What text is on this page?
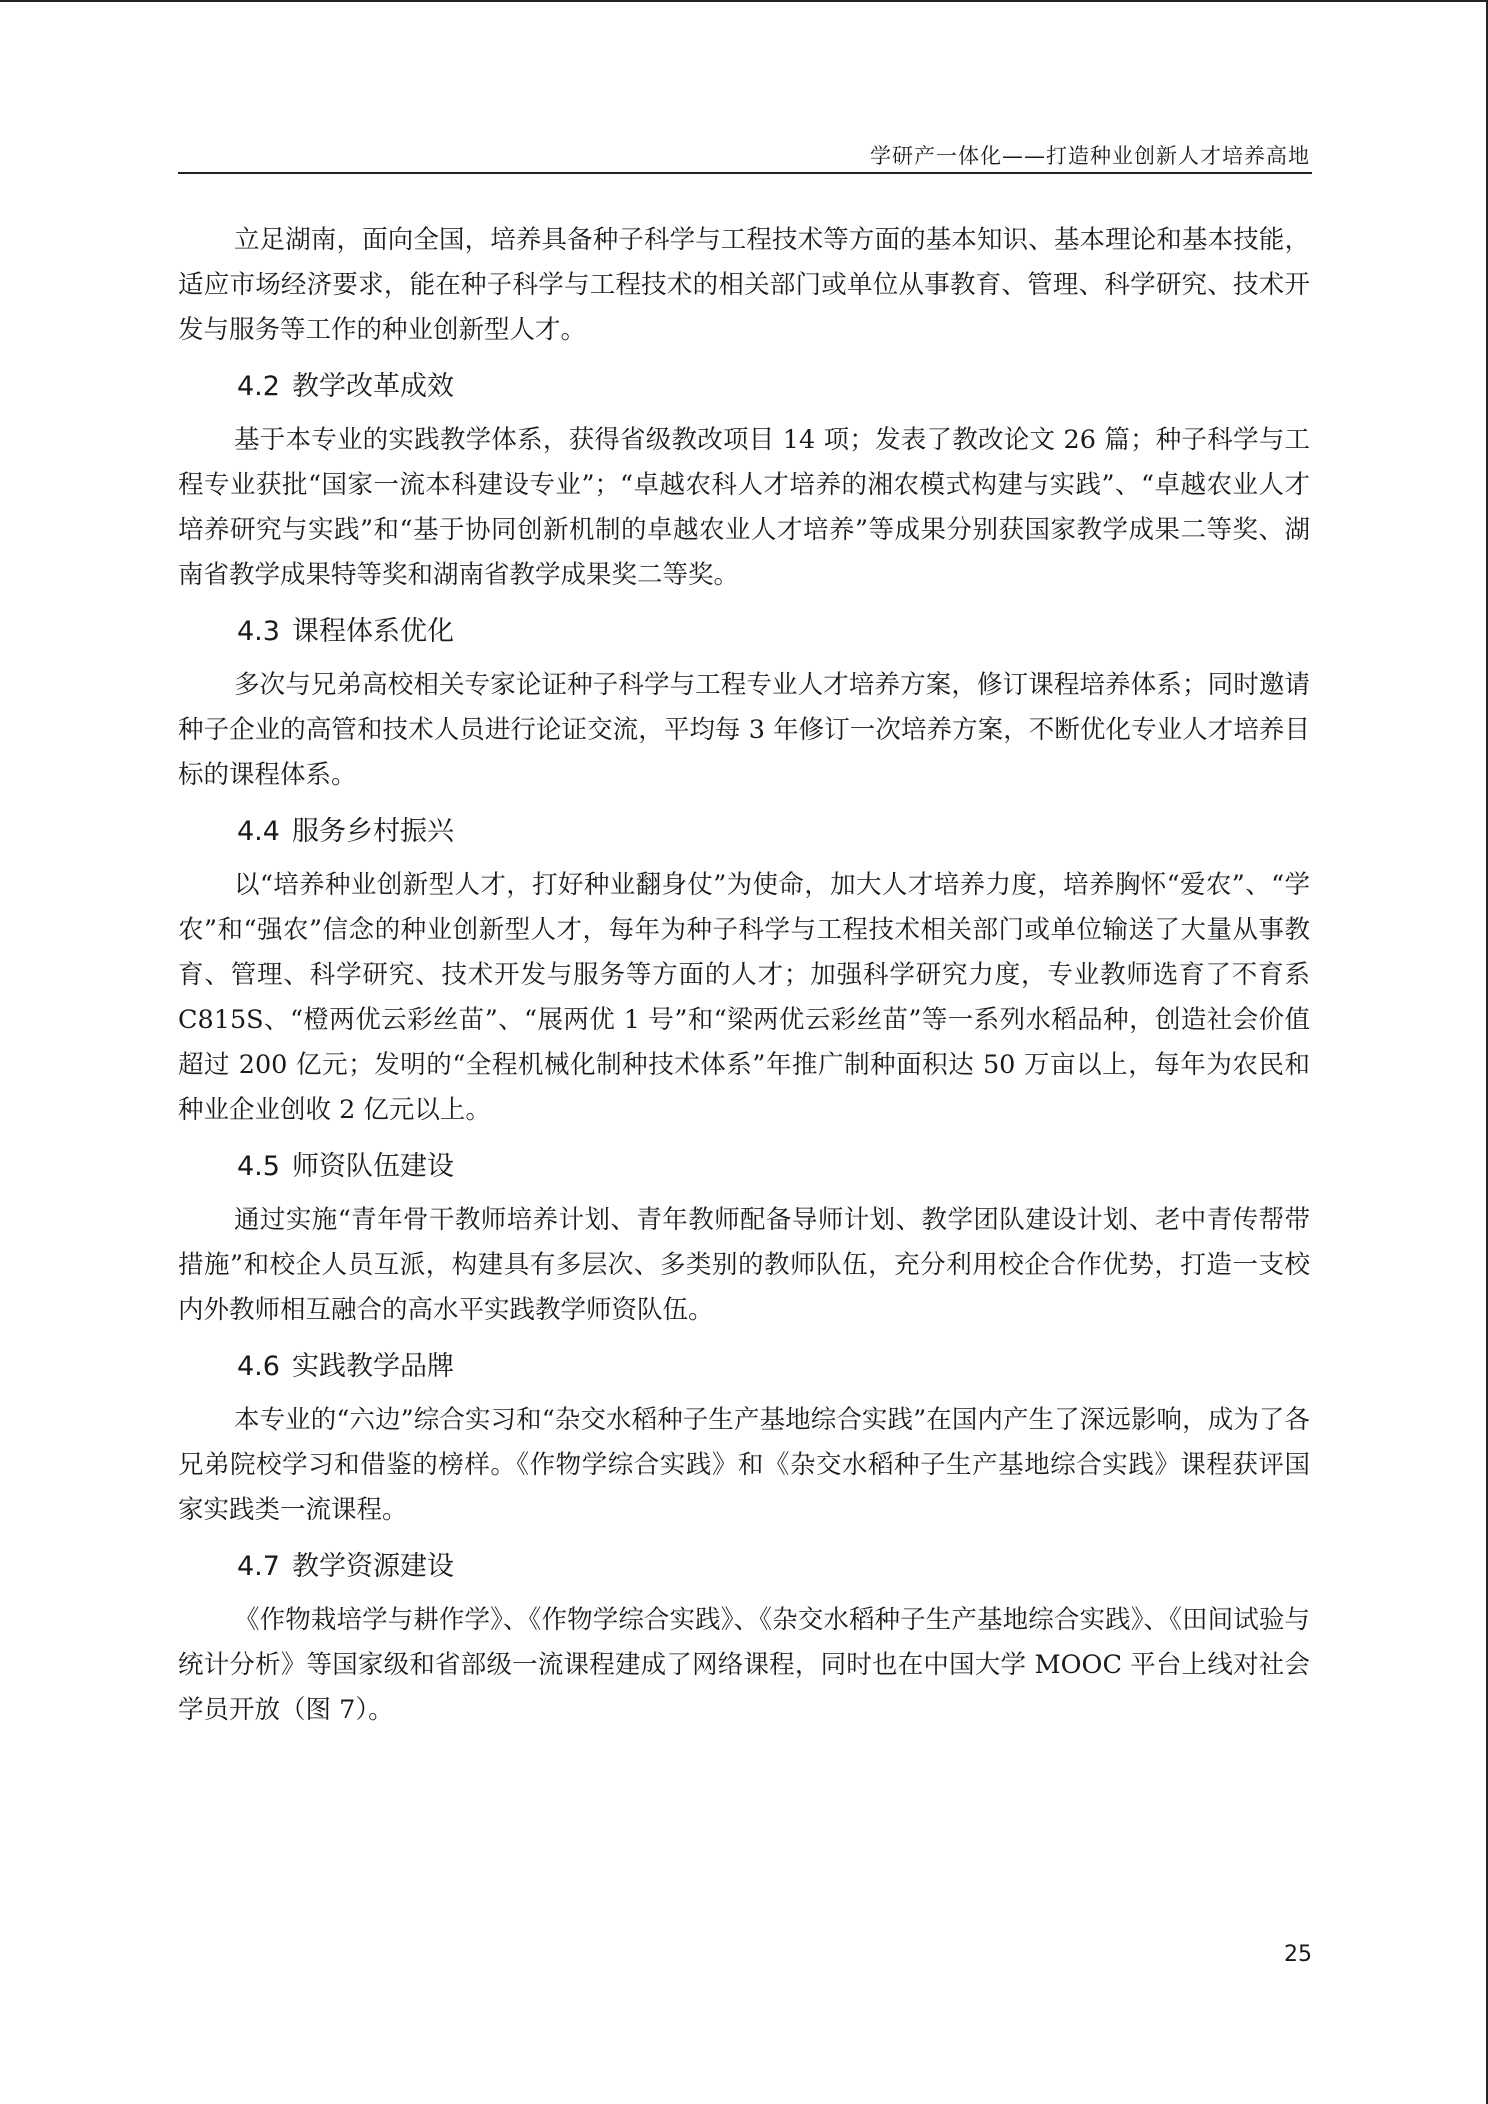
学研产一体化——打造种业创新人才培养高地

立足湖南，面向全国，培养具备种子科学与工程技术等方面的基本知识、基本理论和基本技能，适应市场经济要求，能在种子科学与工程技术的相关部门或单位从事教育、管理、科学研究、技术开发与服务等工作的种业创新型人才。

4.2 教学改革成效

基于本专业的实践教学体系，获得省级教改项目 14 项；发表了教改论文 26 篇；种子科学与工程专业获批“国家一流本科建设专业”；“卓越农科人才培养的湘农模式构建与实践”、“卓越农业人才培养研究与实践”和“基于协同创新机制的卓越农业人才培养”等成果分别获国家教学成果二等奖、湖南省教学成果特等奖和湖南省教学成果奖二等奖。

4.3 课程体系优化

多次与兄弟高校相关专家论证种子科学与工程专业人才培养方案，修订课程培养体系；同时邀请种子企业的高管和技术人员进行论证交流，平均每 3 年修订一次培养方案，不断优化专业人才培养目标的课程体系。

4.4 服务乡村振兴

以“培养种业创新型人才，打好种业翻身仗”为使命，加大人才培养力度，培养胸怀“爱农”、“学农”和“强农”信念的种业创新型人才，每年为种子科学与工程技术相关部门或单位输送了大量从事教育、管理、科学研究、技术开发与服务等方面的人才；加强科学研究力度，专业教师选育了不育系 C815S、“橙两优云彩丝苗”、“展两优 1 号”和“梁两优云彩丝苗”等一系列水稻品种，创造社会价值超过 200 亿元；发明的“全程机械化制种技术体系”年推广制种面积达 50 万亩以上，每年为农民和种业企业创收 2 亿元以上。

4.5 师资队伍建设

通过实施“青年骨干教师培养计划、青年教师配备导师计划、教学团队建设计划、老中青传帮带措施”和校企人员互派，构建具有多层次、多类别的教师队伍，充分利用校企合作优势，打造一支校内外教师相互融合的高水平实践教学师资队伍。

4.6 实践教学品牌

本专业的“六边”综合实习和“杂交水稻种子生产基地综合实践”在国内产生了深远影响，成为了各兄弟院校学习和借鉴的榜样。《作物学综合实践》和《杂交水稻种子生产基地综合实践》课程获评国家实践类一流课程。

4.7 教学资源建设

《作物栽培学与耕作学》、《作物学综合实践》、《杂交水稻种子生产基地综合实践》、《田间试验与统计分析》等国家级和省部级一流课程建成了网络课程，同时也在中国大学 MOOC 平台上线对社会学员开放（图 7）。

25
